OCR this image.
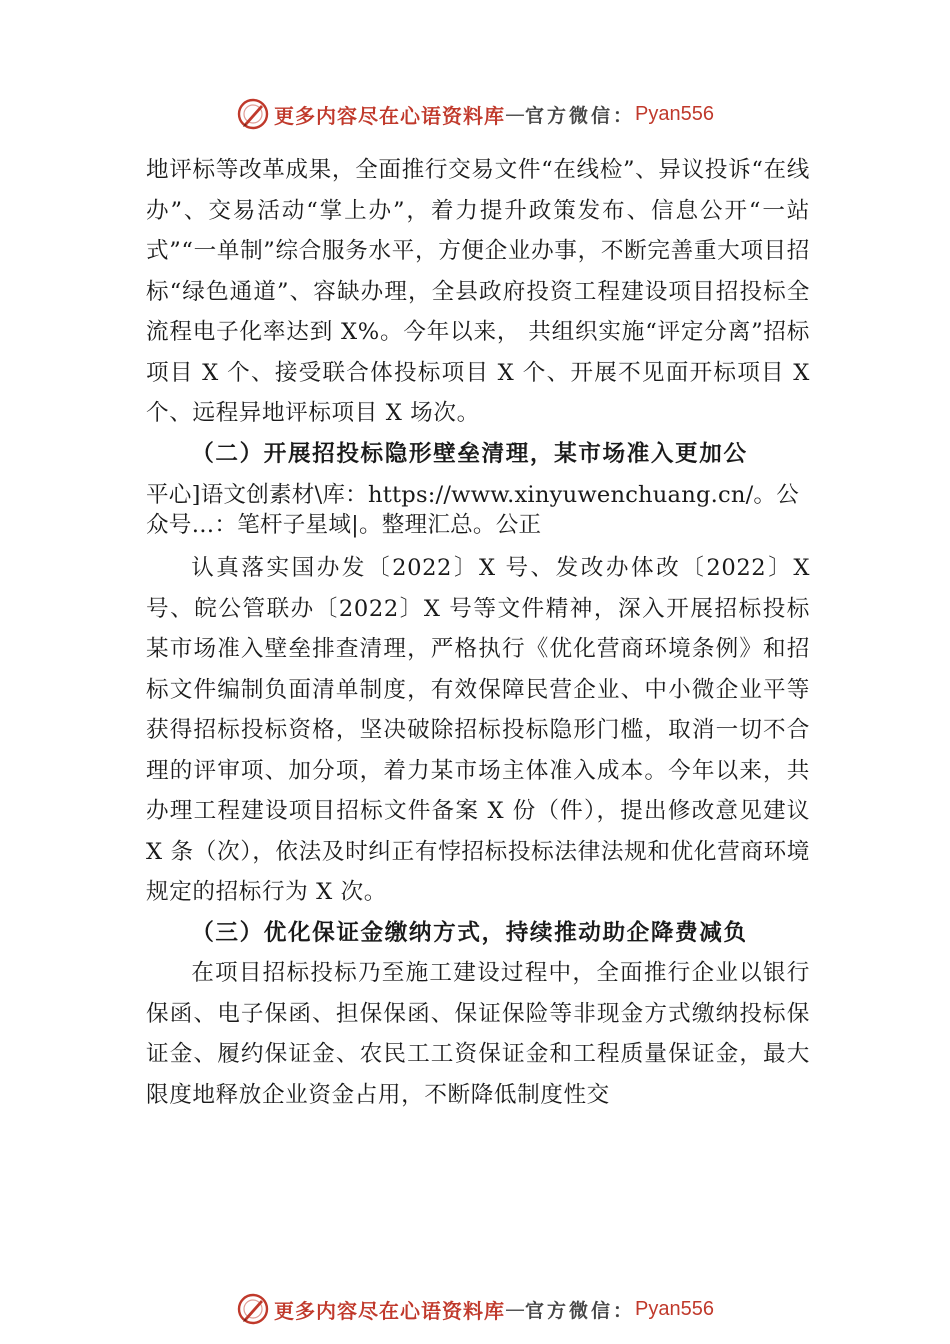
更多内容尽在心语资料库 — 官方微信： Pyan556

地评标等改革成果，全面推行交易文件“在线检”、异议投诉“在线办”、交易活动“掌上办”，着力提升政策发布、信息公开“一站式”“一单制”综合服务水平，方便企业办事，不断完善重大项目招标“绿色通道”、容缺办理，全县政府投资工程建设项目招投标全流程电子化率达到 X%。今年以来， 共组织实施“评定分离”招标项目 X 个、接受联合体投标项目 X 个、开展不见面开标项目 X 个、远程异地评标项目 X 场次。

（二）开展招投标隐形壁垒清理，某市场准入更加公

平心]语文创素材\库：https://www.xinyuwenchuang.cn/。公众号…：笔杆子星域|。整理汇总。公正

认真落实国办发〔2022〕X 号、发改办体改〔2022〕X 号、皖公管联办〔2022〕X 号等文件精神，深入开展招标投标某市场准入壁垒排查清理，严格执行《优化营商环境条例》和招标文件编制负面清单制度，有效保障民营企业、中小微企业平等获得招标投标资格，坚决破除招标投标隐形门槛，取消一切不合理的评审项、加分项，着力某市场主体准入成本。今年以来，共办理工程建设项目招标文件备案 X 份（件），提出修改意见建议 X 条（次），依法及时纠正有悖招标投标法律法规和优化营商环境规定的招标行为 X 次。

（三）优化保证金缴纳方式，持续推动助企降费减负

在项目招标投标乃至施工建设过程中，全面推行企业以银行保函、电子保函、担保保函、保证保险等非现金方式缴纳投标保证金、履约保证金、农民工工资保证金和工程质量保证金，最大限度地释放企业资金占用，不断降低制度性交

更多内容尽在心语资料库 — 官方微信： Pyan556
